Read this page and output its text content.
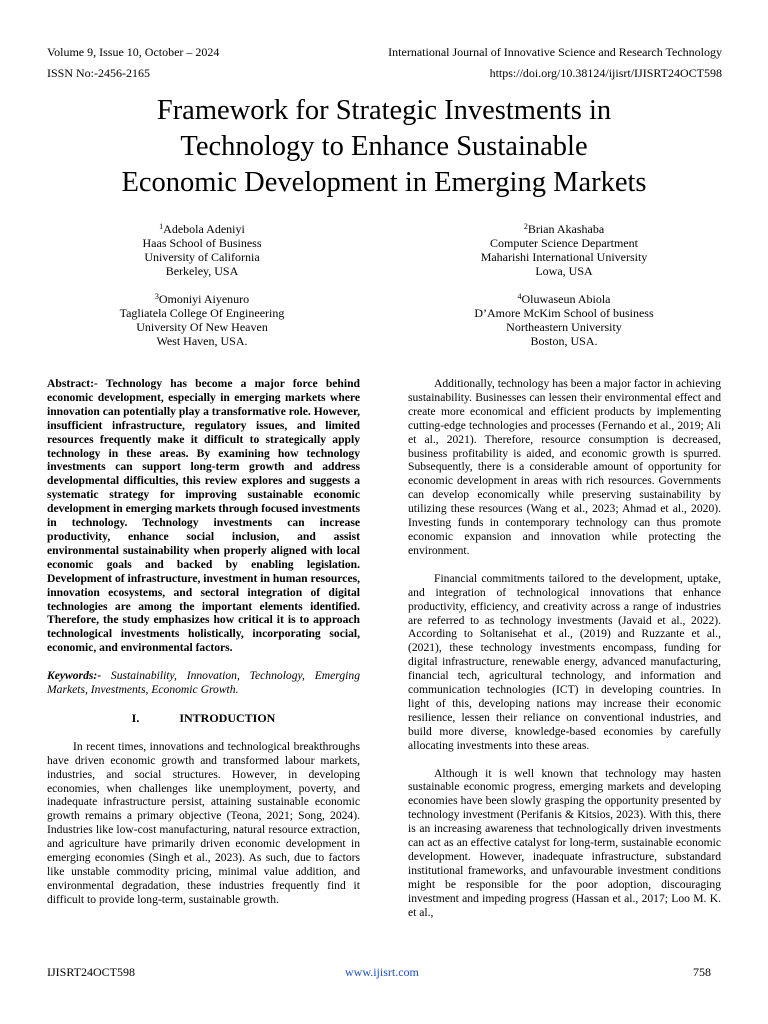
Volume 9, Issue 10, October – 2024
ISSN No:-2456-2165
International Journal of Innovative Science and Research Technology
https://doi.org/10.38124/ijisrt/IJISRT24OCT598
Framework for Strategic Investments in
Technology to Enhance Sustainable
Economic Development in Emerging Markets
$^1$Adebola Adeniyi
Haas School of Business
University of California
Berkeley, USA
$^2$Brian Akashaba
Computer Science Department
Maharishi International University
Lowa, USA
$^3$Omoniyi Aiyenuro
Tagliatela College Of Engineering
University Of New Heaven
West Haven, USA.
$^4$Oluwaseun Abiola
D’Amore McKim School of business
Northeastern University
Boston, USA.

Abstract:- Technology has become a major force behind economic development, especially in emerging markets where innovation can potentially play a transformative role. However, insufficient infrastructure, regulatory issues, and limited resources frequently make it difficult to strategically apply technology in these areas. By examining how technology investments can support long-term growth and address developmental difficulties, this review explores and suggests a systematic strategy for improving sustainable economic development in emerging markets through focused investments in technology. Technology investments can increase productivity, enhance social inclusion, and assist environmental sustainability when properly aligned with local economic goals and backed by enabling legislation. Development of infrastructure, investment in human resources, innovation ecosystems, and sectoral integration of digital technologies are among the important elements identified. Therefore, the study emphasizes how critical it is to approach technological investments holistically, incorporating social, economic, and environmental factors.

Keywords:- Sustainability, Innovation, Technology, Emerging Markets, Investments, Economic Growth.

I.	INTRODUCTION

In recent times, innovations and technological breakthroughs have driven economic growth and transformed labour markets, industries, and social structures. However, in developing economies, when challenges like unemployment, poverty, and inadequate infrastructure persist, attaining sustainable economic growth remains a primary objective (Teona, 2021; Song, 2024). Industries like low-cost manufacturing, natural resource extraction, and agriculture have primarily driven economic development in emerging economies (Singh et al., 2023). As such, due to factors like unstable commodity pricing, minimal value addition, and environmental degradation, these industries frequently find it difficult to provide long-term, sustainable growth.

Additionally, technology has been a major factor in achieving sustainability. Businesses can lessen their environmental effect and create more economical and efficient products by implementing cutting-edge technologies and processes (Fernando et al., 2019; Ali et al., 2021). Therefore, resource consumption is decreased, business profitability is aided, and economic growth is spurred. Subsequently, there is a considerable amount of opportunity for economic development in areas with rich resources. Governments can develop economically while preserving sustainability by utilizing these resources (Wang et al., 2023; Ahmad et al., 2020). Investing funds in contemporary technology can thus promote economic expansion and innovation while protecting the environment.

Financial commitments tailored to the development, uptake, and integration of technological innovations that enhance productivity, efficiency, and creativity across a range of industries are referred to as technology investments (Javaid et al., 2022). According to Soltanisehat et al., (2019) and Ruzzante et al., (2021), these technology investments encompass, funding for digital infrastructure, renewable energy, advanced manufacturing, financial tech, agricultural technology, and information and communication technologies (ICT) in developing countries. In light of this, developing nations may increase their economic resilience, lessen their reliance on conventional industries, and build more diverse, knowledge-based economies by carefully allocating investments into these areas.

Although it is well known that technology may hasten sustainable economic progress, emerging markets and developing economies have been slowly grasping the opportunity presented by technology investment (Perifanis & Kitsios, 2023). With this, there is an increasing awareness that technologically driven investments can act as an effective catalyst for long-term, sustainable economic development. However, inadequate infrastructure, substandard institutional frameworks, and unfavourable investment conditions might be responsible for the poor adoption, discouraging investment and impeding progress (Hassan et al., 2017; Loo M. K. et al.,

IJISRT24OCT598	www.ijisrt.com	758
